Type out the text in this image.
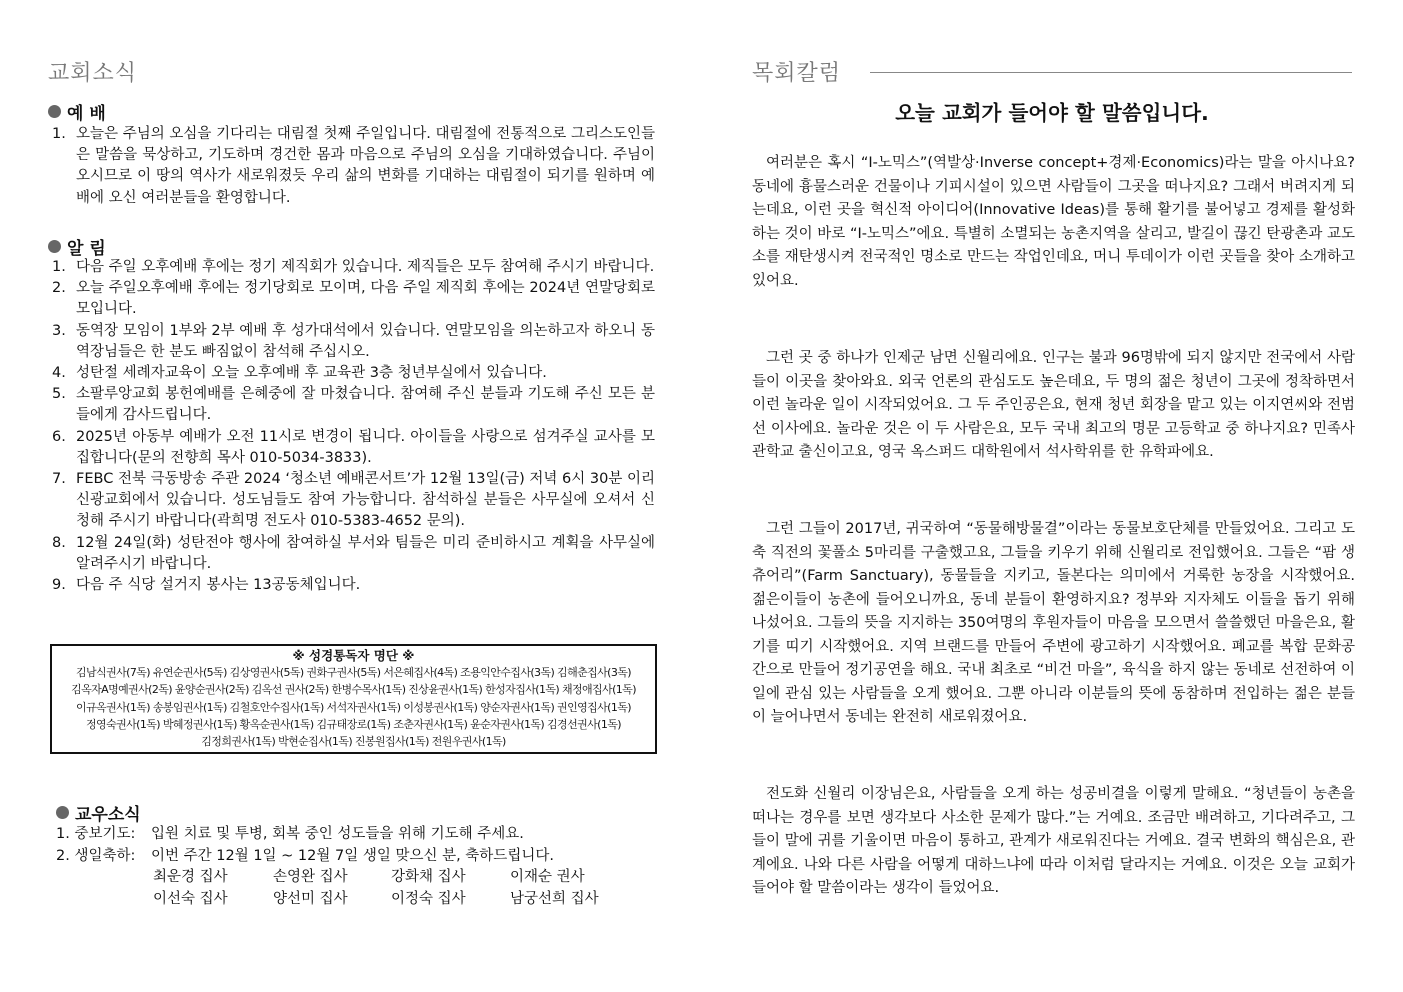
교회소식
예 배
1. 오늘은 주님의 오심을 기다리는 대림절 첫째 주일입니다. 대림절에 전통적으로 그리스도인들은 말씀을 묵상하고, 기도하며 경건한 몸과 마음으로 주님의 오심을 기대하였습니다. 주님이 오시므로 이 땅의 역사가 새로워졌듯 우리 삶의 변화를 기대하는 대림절이 되기를 원하며 예배에 오신 여러분들을 환영합니다.
알 림
1. 다음 주일 오후예배 후에는 정기 제직회가 있습니다. 제직들은 모두 참여해 주시기 바랍니다.
2. 오늘 주일오후예배 후에는 정기당회로 모이며, 다음 주일 제직회 후에는 2024년 연말당회로 모입니다.
3. 동역장 모임이 1부와 2부 예배 후 성가대석에서 있습니다. 연말모임을 의논하고자 하오니 동역장님들은 한 분도 빠짐없이 참석해 주십시오.
4. 성탄절 세례자교육이 오늘 오후예배 후 교육관 3층 청년부실에서 있습니다.
5. 소팔루앙교회 봉헌예배를 은혜중에 잘 마쳤습니다. 참여해 주신 분들과 기도해 주신 모든 분들에게 감사드립니다.
6. 2025년 아동부 예배가 오전 11시로 변경이 됩니다. 아이들을 사랑으로 섬겨주실 교사를 모집합니다(문의 전향희 목사 010-5034-3833).
7. FEBC 전북 극동방송 주관 2024 ‘청소년 예배콘서트’가 12월 13일(금) 저녁 6시 30분 이리신광교회에서 있습니다. 성도님들도 참여 가능합니다. 참석하실 분들은 사무실에 오셔서 신청해 주시기 바랍니다(곽희명 전도사 010-5383-4652 문의).
8. 12월 24일(화) 성탄전야 행사에 참여하실 부서와 팀들은 미리 준비하시고 계획을 사무실에 알려주시기 바랍니다.
9. 다음 주 식당 설거지 봉사는 13공동체입니다.
※ 성경통독자 명단 ※
김남식권사(7독) 유연순권사(5독) 김상영권사(5독) 권화구권사(5독) 서은혜집사(4독) 조용익안수집사(3독) 김해춘집사(3독)
김옥자A명예권사(2독) 윤양순권사(2독) 김옥선 권사(2독) 한병수목사(1독) 진상윤권사(1독) 한성자집사(1독) 채정애집사(1독)
이규옥권사(1독) 송봉임권사(1독) 김철호안수집사(1독) 서석자권사(1독) 이성봉권사(1독) 양순자권사(1독) 권인영집사(1독)
정영숙권사(1독) 박혜정권사(1독) 황옥순권사(1독) 김규태장로(1독) 조춘자권사(1독) 윤순자권사(1독) 김경선권사(1독)
김정희권사(1독) 박현순집사(1독) 진봉원집사(1독) 전원우권사(1독)
교우소식
1. 중보기도: 입원 치료 및 투병, 회복 중인 성도들을 위해 기도해 주세요.
2. 생일축하: 이번 주간 12월 1일 ~ 12월 7일 생일 맞으신 분, 축하드립니다.
최운경 집사	손영완 집사	강화채 집사	이재순 권사
이선숙 집사	양선미 집사	이정숙 집사	남궁선희 집사
목회칼럼
오늘 교회가 들어야 할 말씀입니다.

여러분은 혹시 “I-노믹스”(역발상·Inverse concept+경제·Economics)라는 말을 아시나요? 동네에 흉물스러운 건물이나 기피시설이 있으면 사람들이 그곳을 떠나지요? 그래서 버려지게 되는데요, 이런 곳을 혁신적 아이디어(Innovative Ideas)를 통해 활기를 불어넣고 경제를 활성화하는 것이 바로 “I-노믹스”에요. 특별히 소멸되는 농촌지역을 살리고, 발길이 끊긴 탄광촌과 교도소를 재탄생시켜 전국적인 명소로 만드는 작업인데요, 머니 투데이가 이런 곳들을 찾아 소개하고 있어요.

그런 곳 중 하나가 인제군 남면 신월리에요. 인구는 불과 96명밖에 되지 않지만 전국에서 사람들이 이곳을 찾아와요. 외국 언론의 관심도도 높은데요, 두 명의 젊은 청년이 그곳에 정착하면서 이런 놀라운 일이 시작되었어요. 그 두 주인공은요, 현재 청년 회장을 맡고 있는 이지연씨와 전범선 이사에요. 놀라운 것은 이 두 사람은요, 모두 국내 최고의 명문 고등학교 중 하나지요? 민족사관학교 출신이고요, 영국 옥스퍼드 대학원에서 석사학위를 한 유학파에요.

그런 그들이 2017년, 귀국하여 “동물해방물결”이라는 동물보호단체를 만들었어요. 그리고 도축 직전의 꽃풀소 5마리를 구출했고요, 그들을 키우기 위해 신월리로 전입했어요. 그들은 “팜 생츄어리”(Farm Sanctuary), 동물들을 지키고, 돌본다는 의미에서 거룩한 농장을 시작했어요. 젊은이들이 농촌에 들어오니까요, 동네 분들이 환영하지요? 정부와 지자체도 이들을 돕기 위해 나섰어요. 그들의 뜻을 지지하는 350여명의 후원자들이 마음을 모으면서 쓸쓸했던 마을은요, 활기를 띠기 시작했어요. 지역 브랜드를 만들어 주변에 광고하기 시작했어요. 폐교를 복합 문화공간으로 만들어 정기공연을 해요. 국내 최초로 “비건 마을”, 육식을 하지 않는 동네로 선전하여 이 일에 관심 있는 사람들을 오게 했어요. 그뿐 아니라 이분들의 뜻에 동참하며 전입하는 젊은 분들이 늘어나면서 동네는 완전히 새로워졌어요.

전도화 신월리 이장님은요, 사람들을 오게 하는 성공비결을 이렇게 말해요. “청년들이 농촌을 떠나는 경우를 보면 생각보다 사소한 문제가 많다.”는 거예요. 조금만 배려하고, 기다려주고, 그들이 말에 귀를 기울이면 마음이 통하고, 관계가 새로워진다는 거예요. 결국 변화의 핵심은요, 관계에요. 나와 다른 사람을 어떻게 대하느냐에 따라 이처럼 달라지는 거예요. 이것은 오늘 교회가 들어야 할 말씀이라는 생각이 들었어요.
